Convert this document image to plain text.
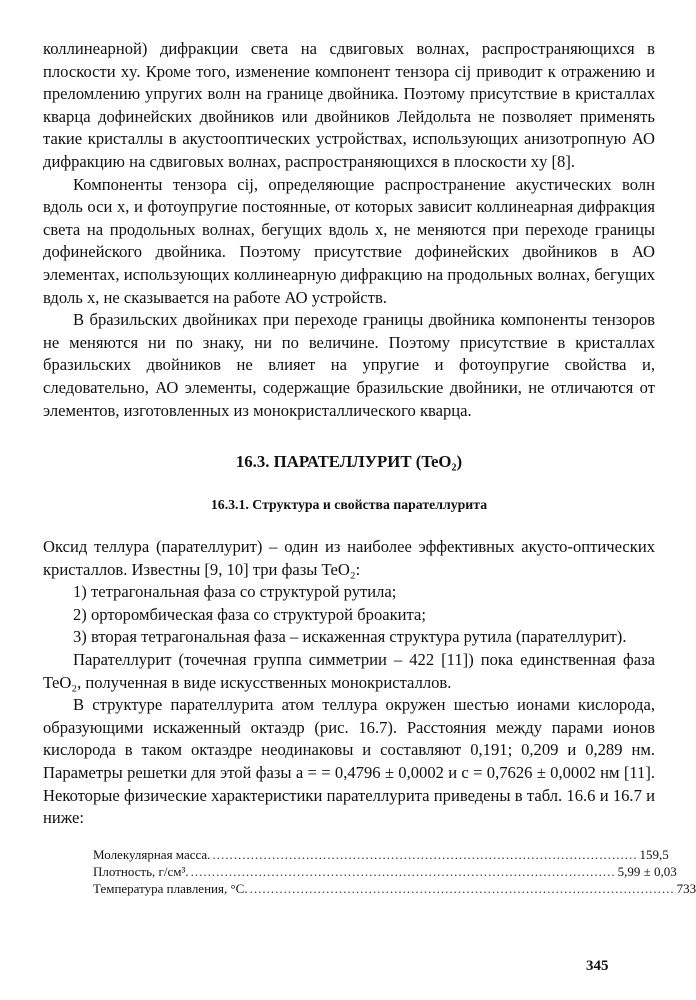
коллинеарной) дифракции света на сдвиговых волнах, распространяющихся в плоскости xy. Кроме того, изменение компонент тензора cij приводит к отражению и преломлению упругих волн на границе двойника. Поэтому присутствие в кристаллах кварца дофинейских двойников или двойников Лейдольта не позволяет применять такие кристаллы в акустооптических устройствах, использующих анизотропную АО дифракцию на сдвиговых волнах, распространяющихся в плоскости xy [8].

Компоненты тензора cij, определяющие распространение акустических волн вдоль оси x, и фотоупругие постоянные, от которых зависит коллинеарная дифракция света на продольных волнах, бегущих вдоль x, не меняются при переходе границы дофинейского двойника. Поэтому присутствие дофинейских двойников в АО элементах, использующих коллинеарную дифракцию на продольных волнах, бегущих вдоль x, не сказывается на работе АО устройств.

В бразильских двойниках при переходе границы двойника компоненты тензоров не меняются ни по знаку, ни по величине. Поэтому присутствие в кристаллах бразильских двойников не влияет на упругие и фотоупругие свойства и, следовательно, АО элементы, содержащие бразильские двойники, не отличаются от элементов, изготовленных из монокристаллического кварца.

16.3. ПАРАТЕЛЛУРИТ (TeO₂)
16.3.1. Структура и свойства парателлурита

Оксид теллура (парателлурит) – один из наиболее эффективных акусто-оптических кристаллов. Известны [9, 10] три фазы TeO₂:

1) тетрагональная фаза со структурой рутила;

2) орторомбическая фаза со структурой броакита;

3) вторая тетрагональная фаза – искаженная структура рутила (парателлурит).

Парателлурит (точечная группа симметрии – 422 [11]) пока единственная фаза TeO₂, полученная в виде искусственных монокристаллов.

В структуре парателлурита атом теллура окружен шестью ионами кислорода, образующими искаженный октаэдр (рис. 16.7). Расстояния между парами ионов кислорода в таком октаэдре неодинаковы и составляют 0,191; 0,209 и 0,289 нм. Параметры решетки для этой фазы a = = 0,4796 ± 0,0002 и c = 0,7626 ± 0,0002 нм [11]. Некоторые физические характеристики парателлурита приведены в табл. 16.6 и 16.7 и ниже:

Молекулярная масса. .................................................................................................... 159,5
Плотность, г/см³. .................................................................................................... 5,99 ± 0,03
Температура плавления, °С. .................................................................................................... 733
345
